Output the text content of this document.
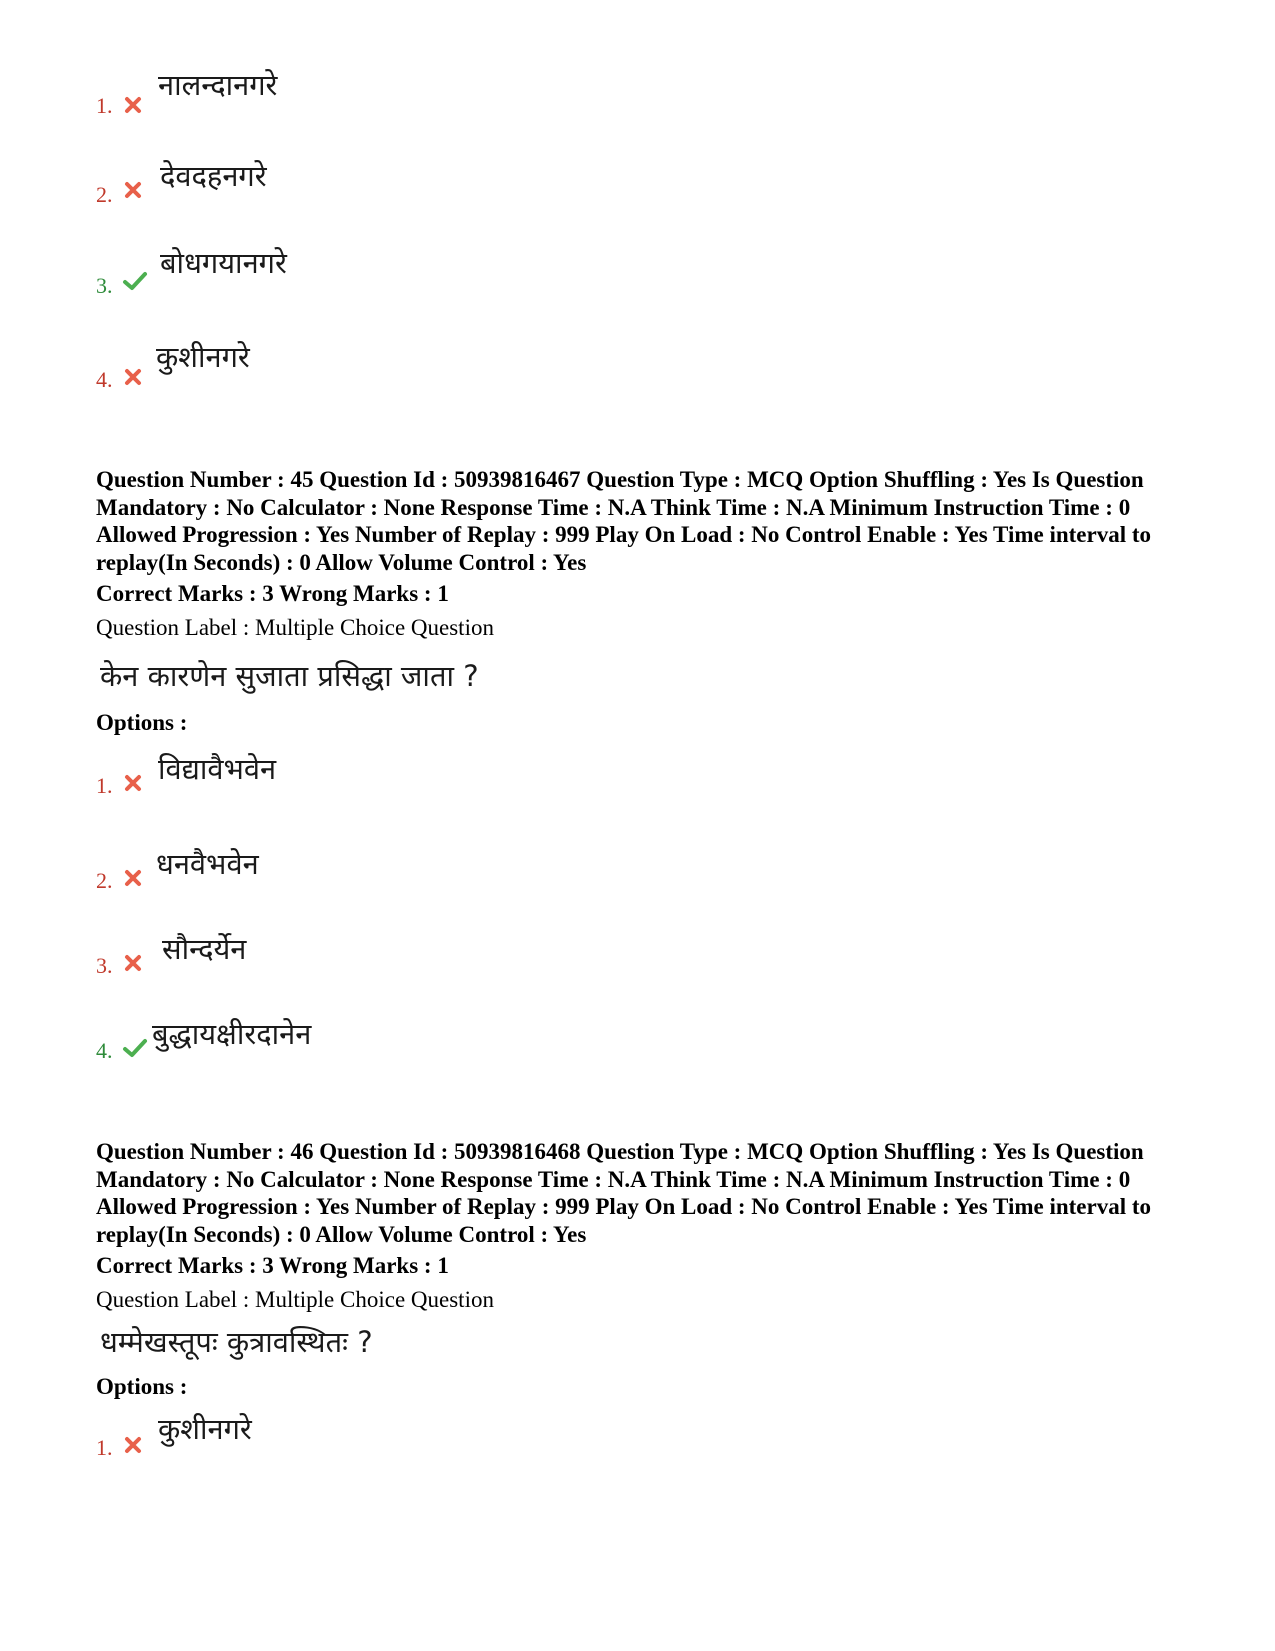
1.
नालन्दानगरे
2.
देवदहनगरे
3.
बोधगयानगरे
4.
कुशीनगरे
Question Number : 45 Question Id : 50939816467 Question Type : MCQ Option Shuffling : Yes Is Question Mandatory : No Calculator : None Response Time : N.A Think Time : N.A Minimum Instruction Time : 0 Allowed Progression : Yes Number of Replay : 999 Play On Load : No Control Enable : Yes Time interval to replay(In Seconds) : 0 Allow Volume Control : Yes
Correct Marks : 3 Wrong Marks : 1
Question Label : Multiple Choice Question
केन कारणेन सुजाता प्रसिद्धा जाता ?
Options :
1. विद्यावैभवेन
2. धनवैभवेन
3. सौन्दर्येन
4. बुद्धायक्षीरदानेन
Question Number : 46 Question Id : 50939816468 Question Type : MCQ Option Shuffling : Yes Is Question Mandatory : No Calculator : None Response Time : N.A Think Time : N.A Minimum Instruction Time : 0 Allowed Progression : Yes Number of Replay : 999 Play On Load : No Control Enable : Yes Time interval to replay(In Seconds) : 0 Allow Volume Control : Yes
Correct Marks : 3 Wrong Marks : 1
Question Label : Multiple Choice Question
धम्मेखस्तूपः कुत्रावस्थितः ?
Options :
1.
कुशीनगरे
